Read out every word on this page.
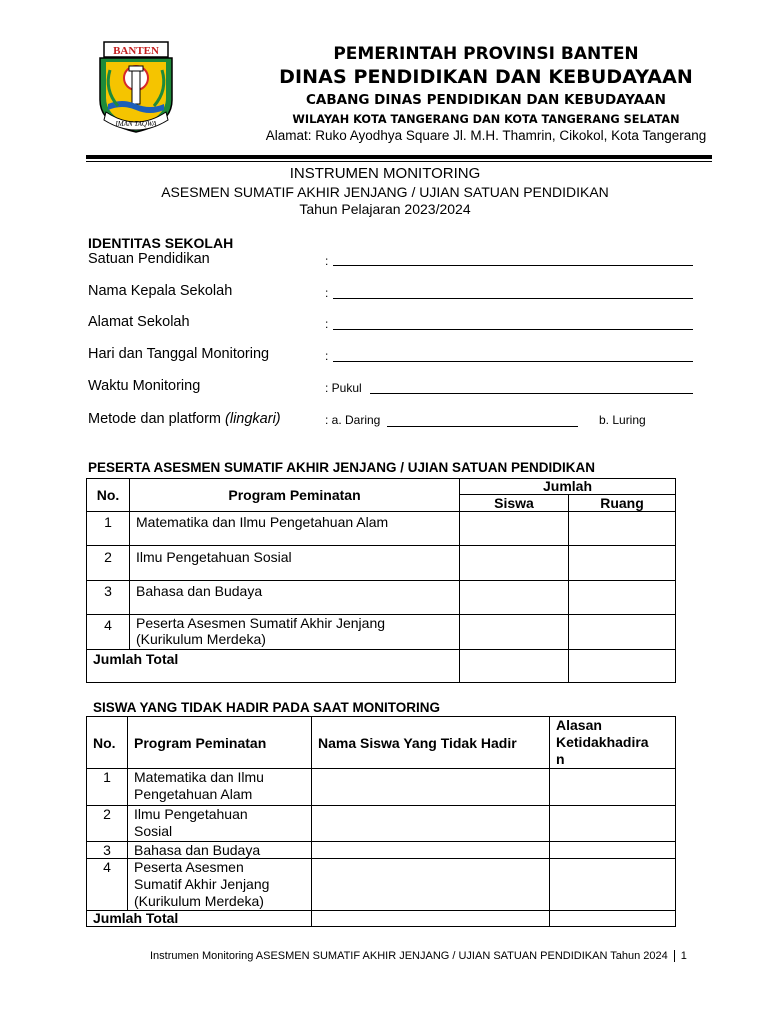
BANTEN
IMAN TAQWA
PEMERINTAH PROVINSI BANTEN
DINAS PENDIDIKAN DAN KEBUDAYAAN
CABANG DINAS PENDIDIKAN DAN KEBUDAYAAN
WILAYAH KOTA TANGERANG DAN KOTA TANGERANG SELATAN
Alamat: Ruko Ayodhya Square Jl. M.H. Thamrin, Cikokol, Kota Tangerang
INSTRUMEN MONITORING
ASESMEN SUMATIF AKHIR JENJANG / UJIAN SATUAN PENDIDIKAN
Tahun Pelajaran 2023/2024
IDENTITAS SEKOLAH
Satuan Pendidikan	:
Nama Kepala Sekolah	:
Alamat Sekolah	:
Hari dan Tanggal Monitoring	:
Waktu Monitoring	: Pukul
Metode dan platform (lingkari)	: a. Daring	b. Luring
PESERTA ASESMEN SUMATIF AKHIR JENJANG / UJIAN SATUAN PENDIDIKAN
No.	Program Peminatan	Jumlah	
		Siswa	Ruang
1	Matematika dan Ilmu Pengetahuan Alam		
2	Ilmu Pengetahuan Sosial		
3	Bahasa dan Budaya		
4	Peserta Asesmen Sumatif Akhir Jenjang
(Kurikulum Merdeka)		

Jumlah Total			
SISWA YANG TIDAK HADIR PADA SAAT MONITORING
No.	Program Peminatan	Nama Siswa Yang Tidak Hadir	Alasan
Ketidakhadira
n

1	Matematika dan Ilmu
Pengetahuan Alam		

2	Ilmu Pengetahuan
Sosial		

3	Bahasa dan Budaya		
4	Peserta Asesmen
Sumatif Akhir Jenjang
(Kurikulum Merdeka)		

Jumlah Total			
Instrumen Monitoring ASESMEN SUMATIF AKHIR JENJANG / UJIAN SATUAN PENDIDIKAN Tahun 2024 1
